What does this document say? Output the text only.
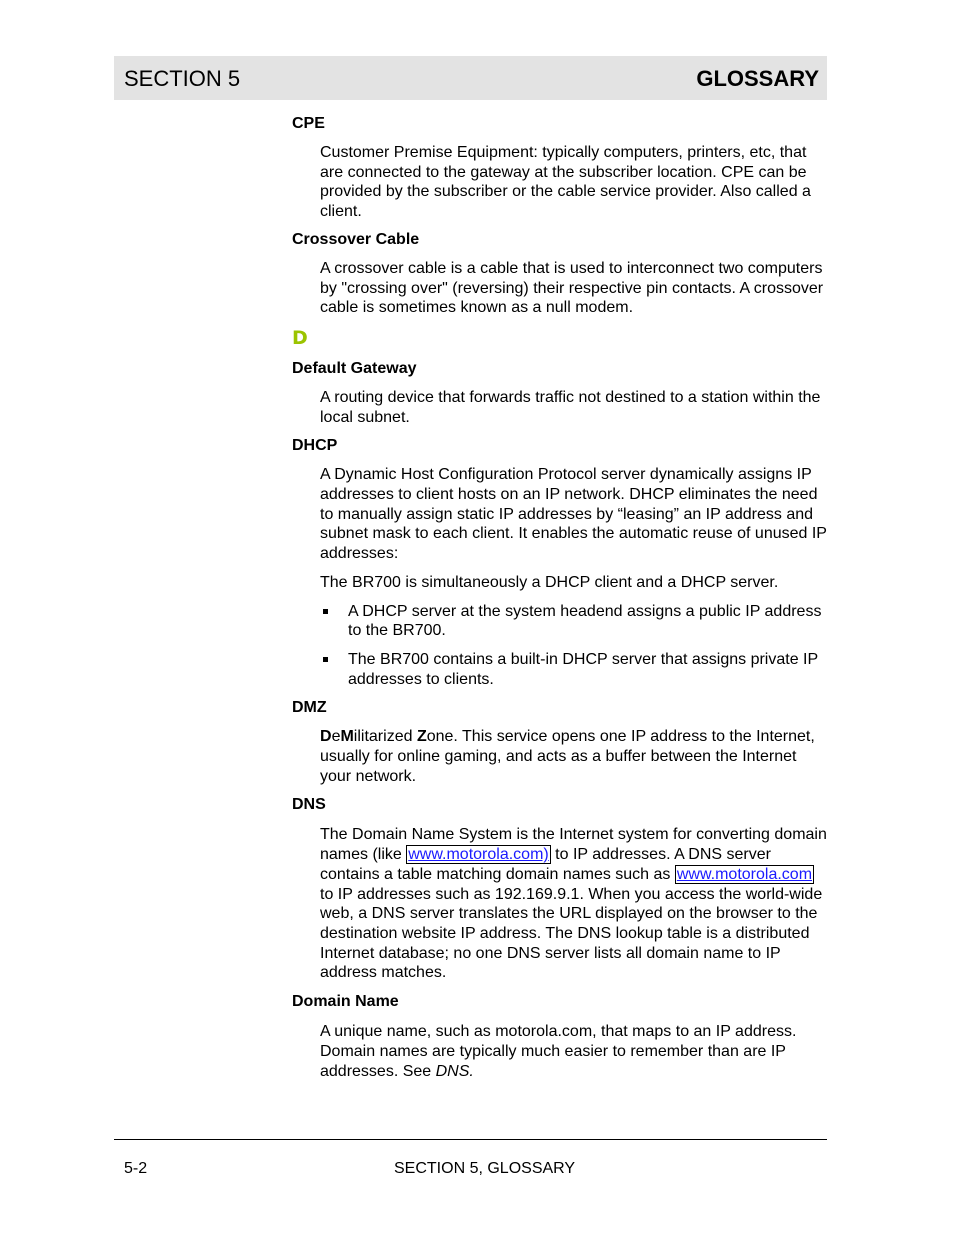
SECTION 5	GLOSSARY

CPE

Customer Premise Equipment: typically computers, printers, etc, that are connected to the gateway at the subscriber location. CPE can be provided by the subscriber or the cable service provider. Also called a client.

Crossover Cable

A crossover cable is a cable that is used to interconnect two computers by "crossing over" (reversing) their respective pin contacts. A crossover cable is sometimes known as a null modem.

D

Default Gateway

A routing device that forwards traffic not destined to a station within the local subnet.

DHCP

A Dynamic Host Configuration Protocol server dynamically assigns IP addresses to client hosts on an IP network. DHCP eliminates the need to manually assign static IP addresses by “leasing” an IP address and subnet mask to each client. It enables the automatic reuse of unused IP addresses:

The BR700 is simultaneously a DHCP client and a DHCP server.

A DHCP server at the system headend assigns a public IP address to the BR700.
The BR700 contains a built-in DHCP server that assigns private IP addresses to clients.

DMZ

DeMilitarized Zone. This service opens one IP address to the Internet, usually for online gaming, and acts as a buffer between the Internet your network.

DNS

The Domain Name System is the Internet system for converting domain names (like www.motorola.com) to IP addresses. A DNS server contains a table matching domain names such as www.motorola.com to IP addresses such as 192.169.9.1. When you access the world-wide web, a DNS server translates the URL displayed on the browser to the destination website IP address. The DNS lookup table is a distributed Internet database; no one DNS server lists all domain name to IP address matches.

Domain Name

A unique name, such as motorola.com, that maps to an IP address. Domain names are typically much easier to remember than are IP addresses. See DNS.

5-2	SECTION 5, GLOSSARY
